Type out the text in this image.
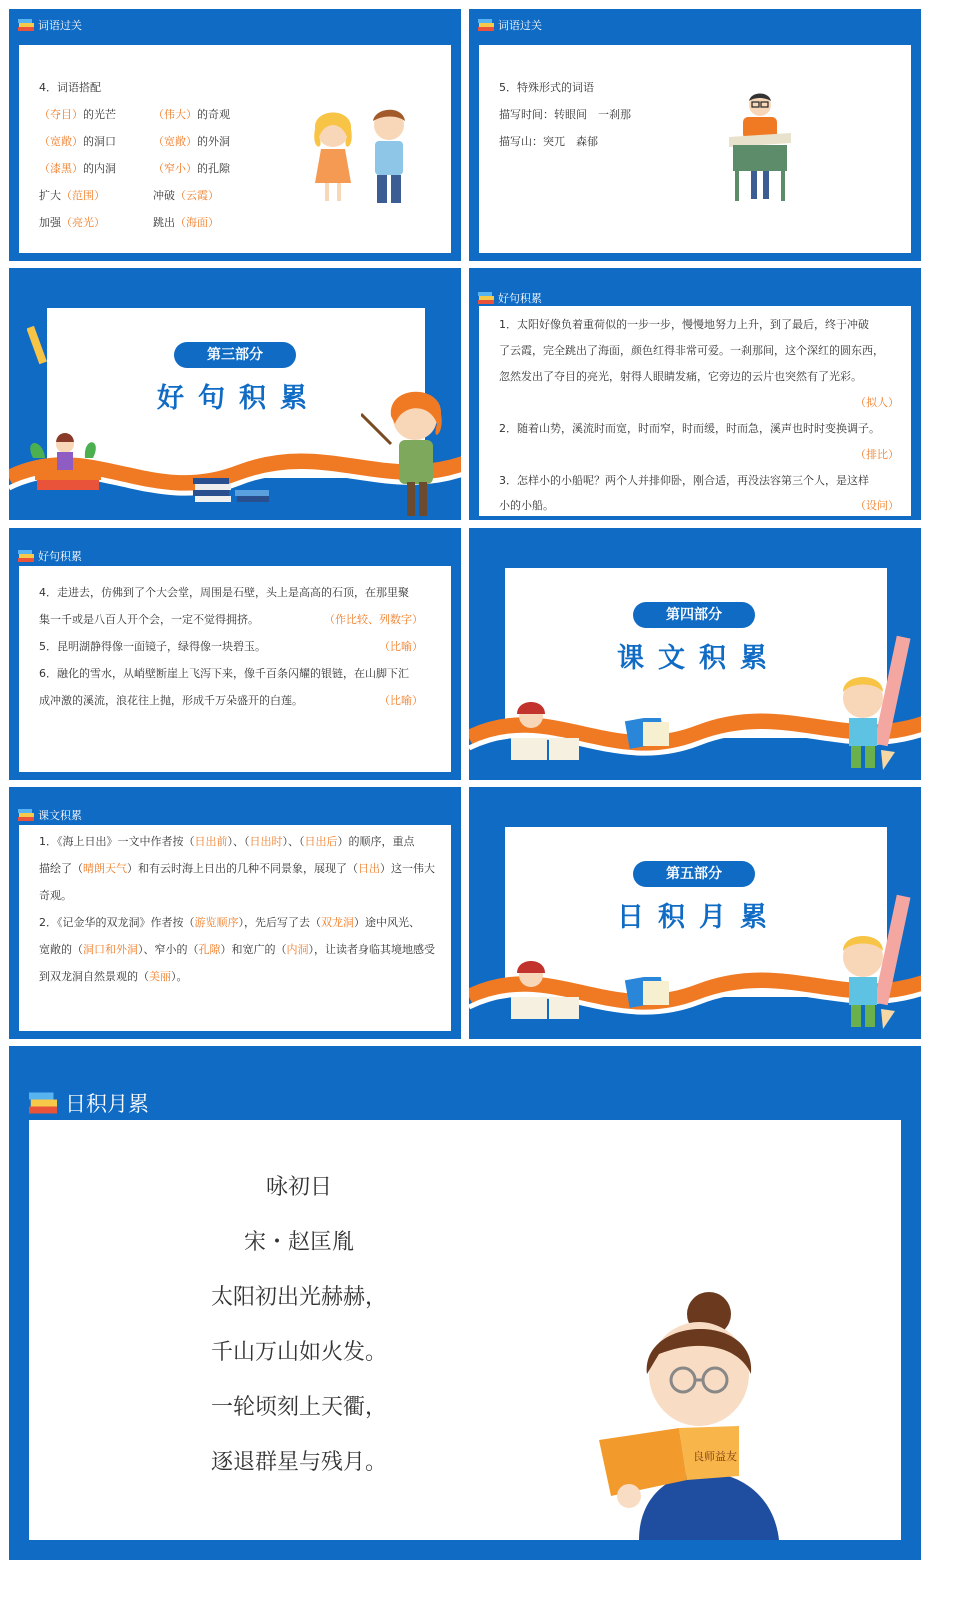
词语过关
4．词语搭配
（夺目）的光芒	（伟大）的奇观
（宽敞）的洞口	（宽敞）的外洞
（漆黑）的内洞	（窄小）的孔隙
扩大（范围）	冲破（云霞）
加强（亮光）	跳出（海面）
词语过关
5．特殊形式的词语
描写时间：转眼间　一刹那
描写山：突兀　森郁
第三部分
好句积累
好句积累
1．太阳好像负着重荷似的一步一步，慢慢地努力上升，到了最后，终于冲破
了云霞，完全跳出了海面，颜色红得非常可爱。一刹那间，这个深红的圆东西，
忽然发出了夺目的亮光，射得人眼睛发痛，它旁边的云片也突然有了光彩。
（拟人）
2．随着山势，溪流时而宽，时而窄，时而缓，时而急，溪声也时时变换调子。
（排比）
3．怎样小的小船呢？两个人并排仰卧，刚合适，再没法容第三个人，是这样
小的小船。	（设问）
好句积累
4．走进去，仿佛到了个大会堂，周围是石壁，头上是高高的石顶，在那里聚
集一千或是八百人开个会，一定不觉得拥挤。	（作比较、列数字）
5．昆明湖静得像一面镜子，绿得像一块碧玉。	（比喻）
6．融化的雪水，从峭壁断崖上飞泻下来，像千百条闪耀的银链，在山脚下汇
成冲激的溪流，浪花往上抛，形成千万朵盛开的白莲。	（比喻）
第四部分
课文积累
课文积累
1．《海上日出》一文中作者按（日出前）、（日出时）、（日出后）的顺序，重点
描绘了（晴朗天气）和有云时海上日出的几种不同景象，展现了（日出）这一伟大
奇观。
2．《记金华的双龙洞》作者按（游览顺序），先后写了去（双龙洞）途中风光、
宽敞的（洞口和外洞）、窄小的（孔隙）和宽广的（内洞），让读者身临其境地感受
到双龙洞自然景观的（美丽）。
第五部分
日积月累
日积月累
咏初日
宋・赵匡胤
太阳初出光赫赫，
千山万山如火发。
一轮顷刻上天衢，
逐退群星与残月。	良师益友
